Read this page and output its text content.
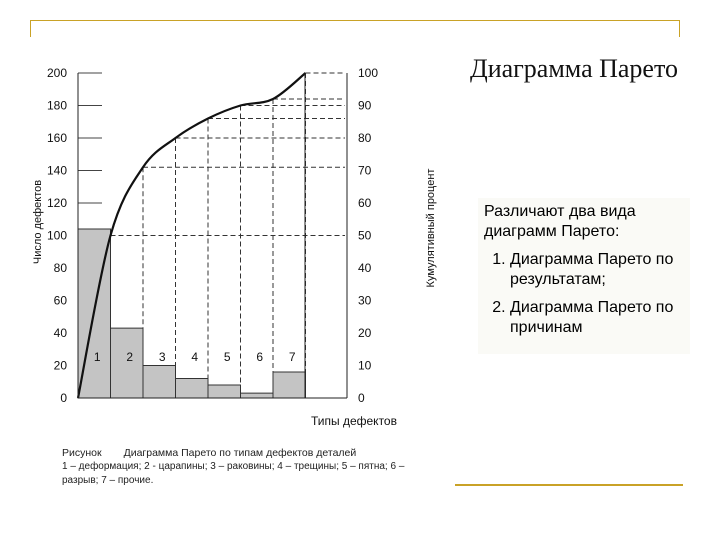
Диаграмма Парето
Различают два вида диаграмм Парето:
1. Диаграмма Парето по результатам;
2. Диаграмма Парето по причинам
0
20
40
60
80
100
120
140
160
180
200
0
10
20
30
40
50
60
70
80
90
100
1 2 3 4 5 6 7
Число дефектов	Кумулятивный процент
Типы дефектов
Рисунок Диаграмма Парето по типам дефектов деталей
1 – деформация; 2 - царапины; 3 – раковины; 4 – трещины; 5 – пятна; 6 – разрыв; 7 – прочие.
